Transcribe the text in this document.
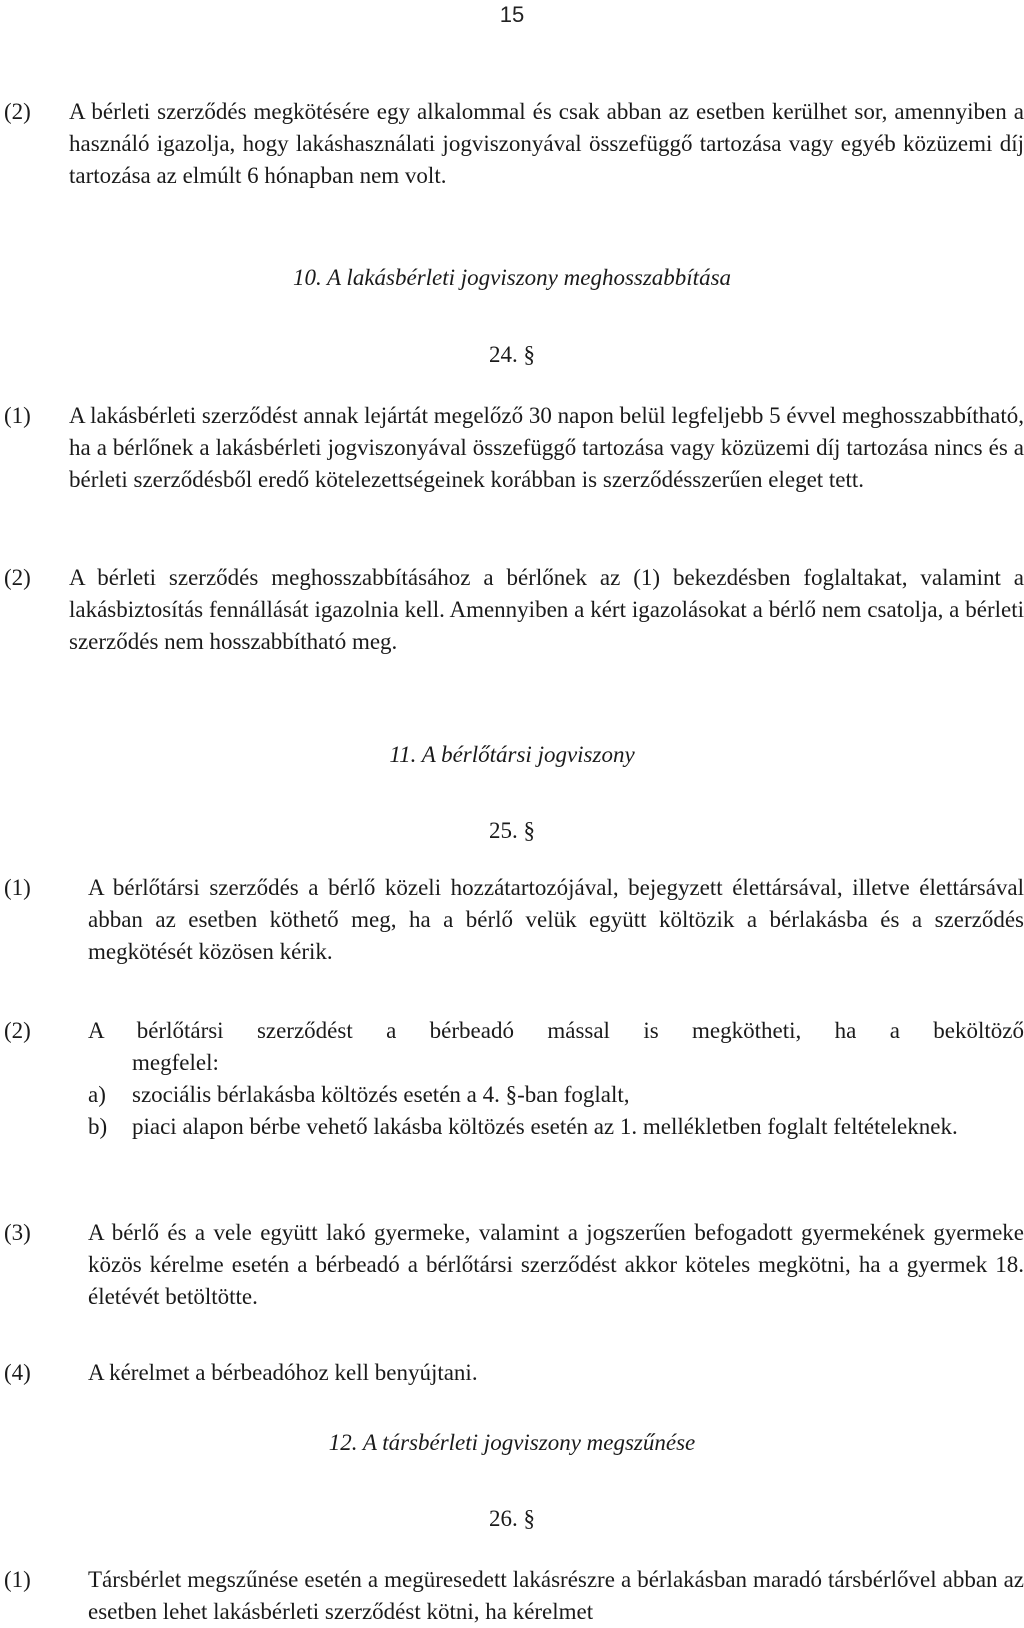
15
(2) A bérleti szerződés megkötésére egy alkalommal és csak abban az esetben kerülhet sor, amennyiben a használó igazolja, hogy lakáshasználati jogviszonyával összefüggő tartozása vagy egyéb közüzemi díj tartozása az elmúlt 6 hónapban nem volt.
10. A lakásbérleti jogviszony meghosszabbítása
24. §
(1) A lakásbérleti szerződést annak lejártát megelőző 30 napon belül legfeljebb 5 évvel meghosszabbítható, ha a bérlőnek a lakásbérleti jogviszonyával összefüggő tartozása vagy közüzemi díj tartozása nincs és a bérleti szerződésből eredő kötelezettségeinek korábban is szerződésszerűen eleget tett.
(2) A bérleti szerződés meghosszabbításához a bérlőnek az (1) bekezdésben foglaltakat, valamint a lakásbiztosítás fennállását igazolnia kell. Amennyiben a kért igazolásokat a bérlő nem csatolja, a bérleti szerződés nem hosszabbítható meg.
11. A bérlőtársi jogviszony
25. §
(1) A bérlőtársi szerződés a bérlő közeli hozzátartozójával, bejegyzett élettársával, illetve élettársával abban az esetben köthető meg, ha a bérlő velük együtt költözik a bérlakásba és a szerződés megkötését közösen kérik.
(2) A bérlőtársi szerződést a bérbeadó mással is megkötheti, ha a beköltöző
megfelel:
a) szociális bérlakásba költözés esetén a 4. §-ban foglalt,
b) piaci alapon bérbe vehető lakásba költözés esetén az 1. mellékletben foglalt feltételeknek.
(3) A bérlő és a vele együtt lakó gyermeke, valamint a jogszerűen befogadott gyermekének gyermeke közös kérelme esetén a bérbeadó a bérlőtársi szerződést akkor köteles megkötni, ha a gyermek 18. életévét betöltötte.
(4) A kérelmet a bérbeadóhoz kell benyújtani.
12. A társbérleti jogviszony megszűnése
26. §
(1) Társbérlet megszűnése esetén a megüresedett lakásrészre a bérlakásban maradó társbérlővel abban az esetben lehet lakásbérleti szerződést kötni, ha kérelmet
